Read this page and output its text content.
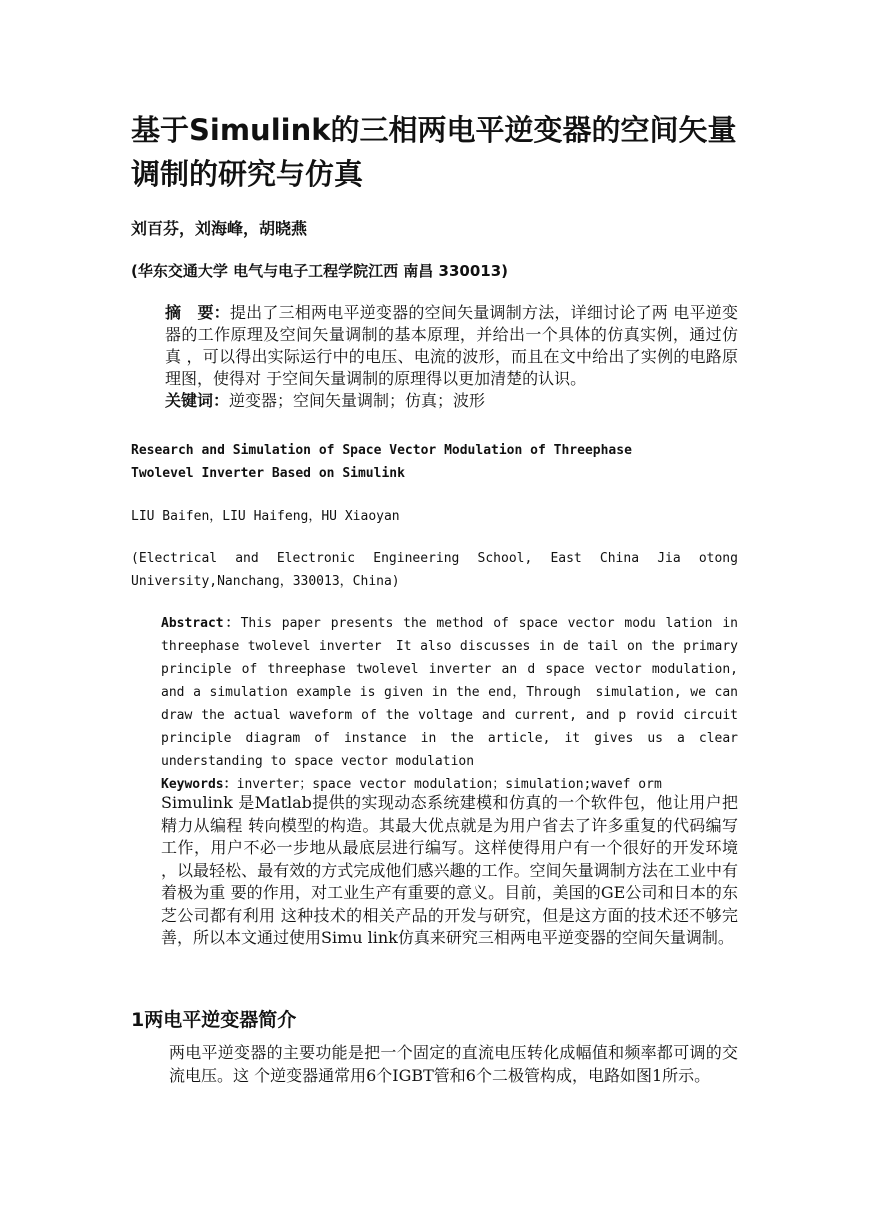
基于Simulink的三相两电平逆变器的空间矢量调制的研究与仿真
刘百芬，刘海峰，胡晓燕
(华东交通大学 电气与电子工程学院江西 南昌 330013)

摘　要：提出了三相两电平逆变器的空间矢量调制方法，详细讨论了两 电平逆变器的工作原理及空间矢量调制的基本原理，并给出一个具体的仿真实例，通过仿真 ，可以得出实际运行中的电压、电流的波形，而且在文中给出了实例的电路原理图，使得对 于空间矢量调制的原理得以更加清楚的认识。

关键词：逆变器；空间矢量调制；仿真；波形

Research and Simulation of Space Vector Modulation of Threephase
Twolevel Inverter Based on Simulink
LIU Baifen，LIU Haifeng，HU Xiaoyan
(Electrical and Electronic Engineering School, East China Jia otong
University,Nanchang，330013，China)

Abstract：This paper presents the method of space vector modu lation in threephase twolevel inverter　It also discusses in de tail on the primary principle of threephase twolevel inverter an d space vector modulation, and a simulation example is given in the end，Through　simulation, we can draw the actual waveform of the voltage and current, and p rovid circuit principle diagram of instance in the article, it gives us a clear understanding to space vector modulation

Keywords：inverter；space vector modulation；simulation;wavef orm

Simulink 是Matlab提供的实现动态系统建模和仿真的一个软件包，他让用户把精力从编程 转向模型的构造。其最大优点就是为用户省去了许多重复的代码编写工作，用户不必一步地从最底层进行编写。这样使得用户有一个很好的开发环境 ，以最轻松、最有效的方式完成他们感兴趣的工作。空间矢量调制方法在工业中有着极为重 要的作用，对工业生产有重要的意义。目前，美国的GE公司和日本的东芝公司都有利用 这种技术的相关产品的开发与研究，但是这方面的技术还不够完善，所以本文通过使用Simu link仿真来研究三相两电平逆变器的空间矢量调制。

1两电平逆变器简介

两电平逆变器的主要功能是把一个固定的直流电压转化成幅值和频率都可调的交流电压。这 个逆变器通常用6个IGBT管和6个二极管构成，电路如图1所示。
